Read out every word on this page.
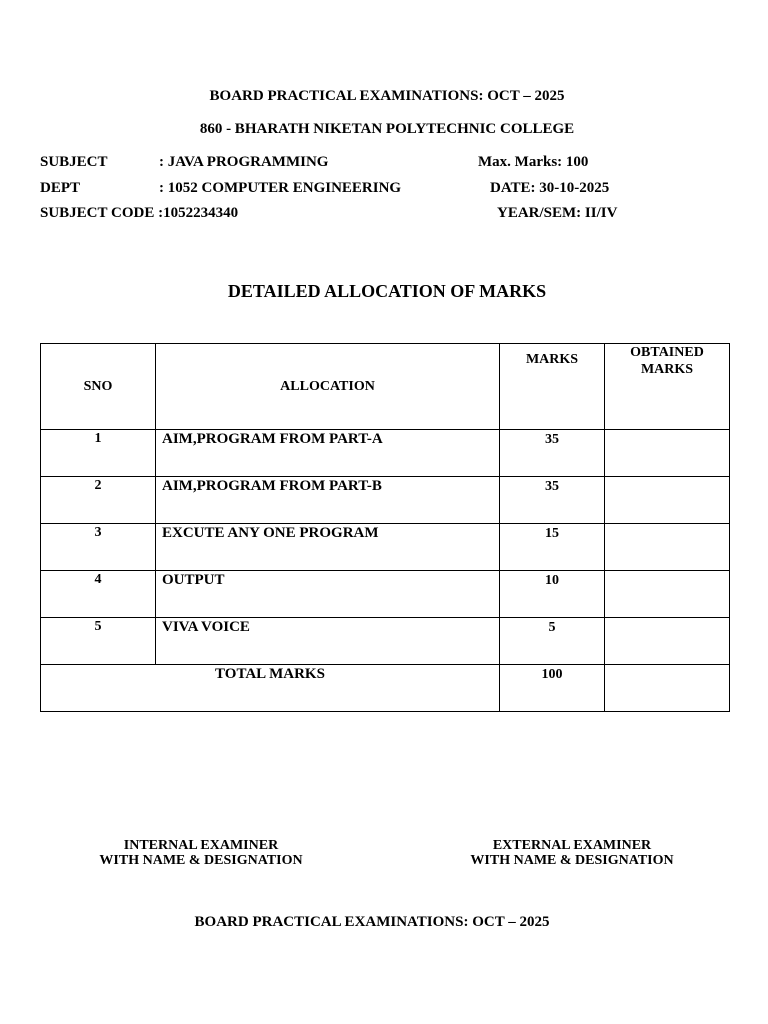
BOARD PRACTICAL EXAMINATIONS: OCT – 2025
860 - BHARATH NIKETAN POLYTECHNIC COLLEGE
SUBJECT	: JAVA PROGRAMMING	Max. Marks: 100
DEPT	: 1052 COMPUTER ENGINEERING	DATE: 30-10-2025
SUBJECT CODE :1052234340	YEAR/SEM: II/IV
DETAILED ALLOCATION OF MARKS
SNO	ALLOCATION	MARKS	OBTAINED
MARKS

1	AIM,PROGRAM FROM PART-A	35	
2	AIM,PROGRAM FROM PART-B	35	
3	EXCUTE ANY ONE PROGRAM	15	
4	OUTPUT	10	
5	VIVA VOICE	5	
TOTAL MARKS		100	
INTERNAL EXAMINER
WITH NAME & DESIGNATION
EXTERNAL EXAMINER
WITH NAME & DESIGNATION
BOARD PRACTICAL EXAMINATIONS: OCT – 2025
